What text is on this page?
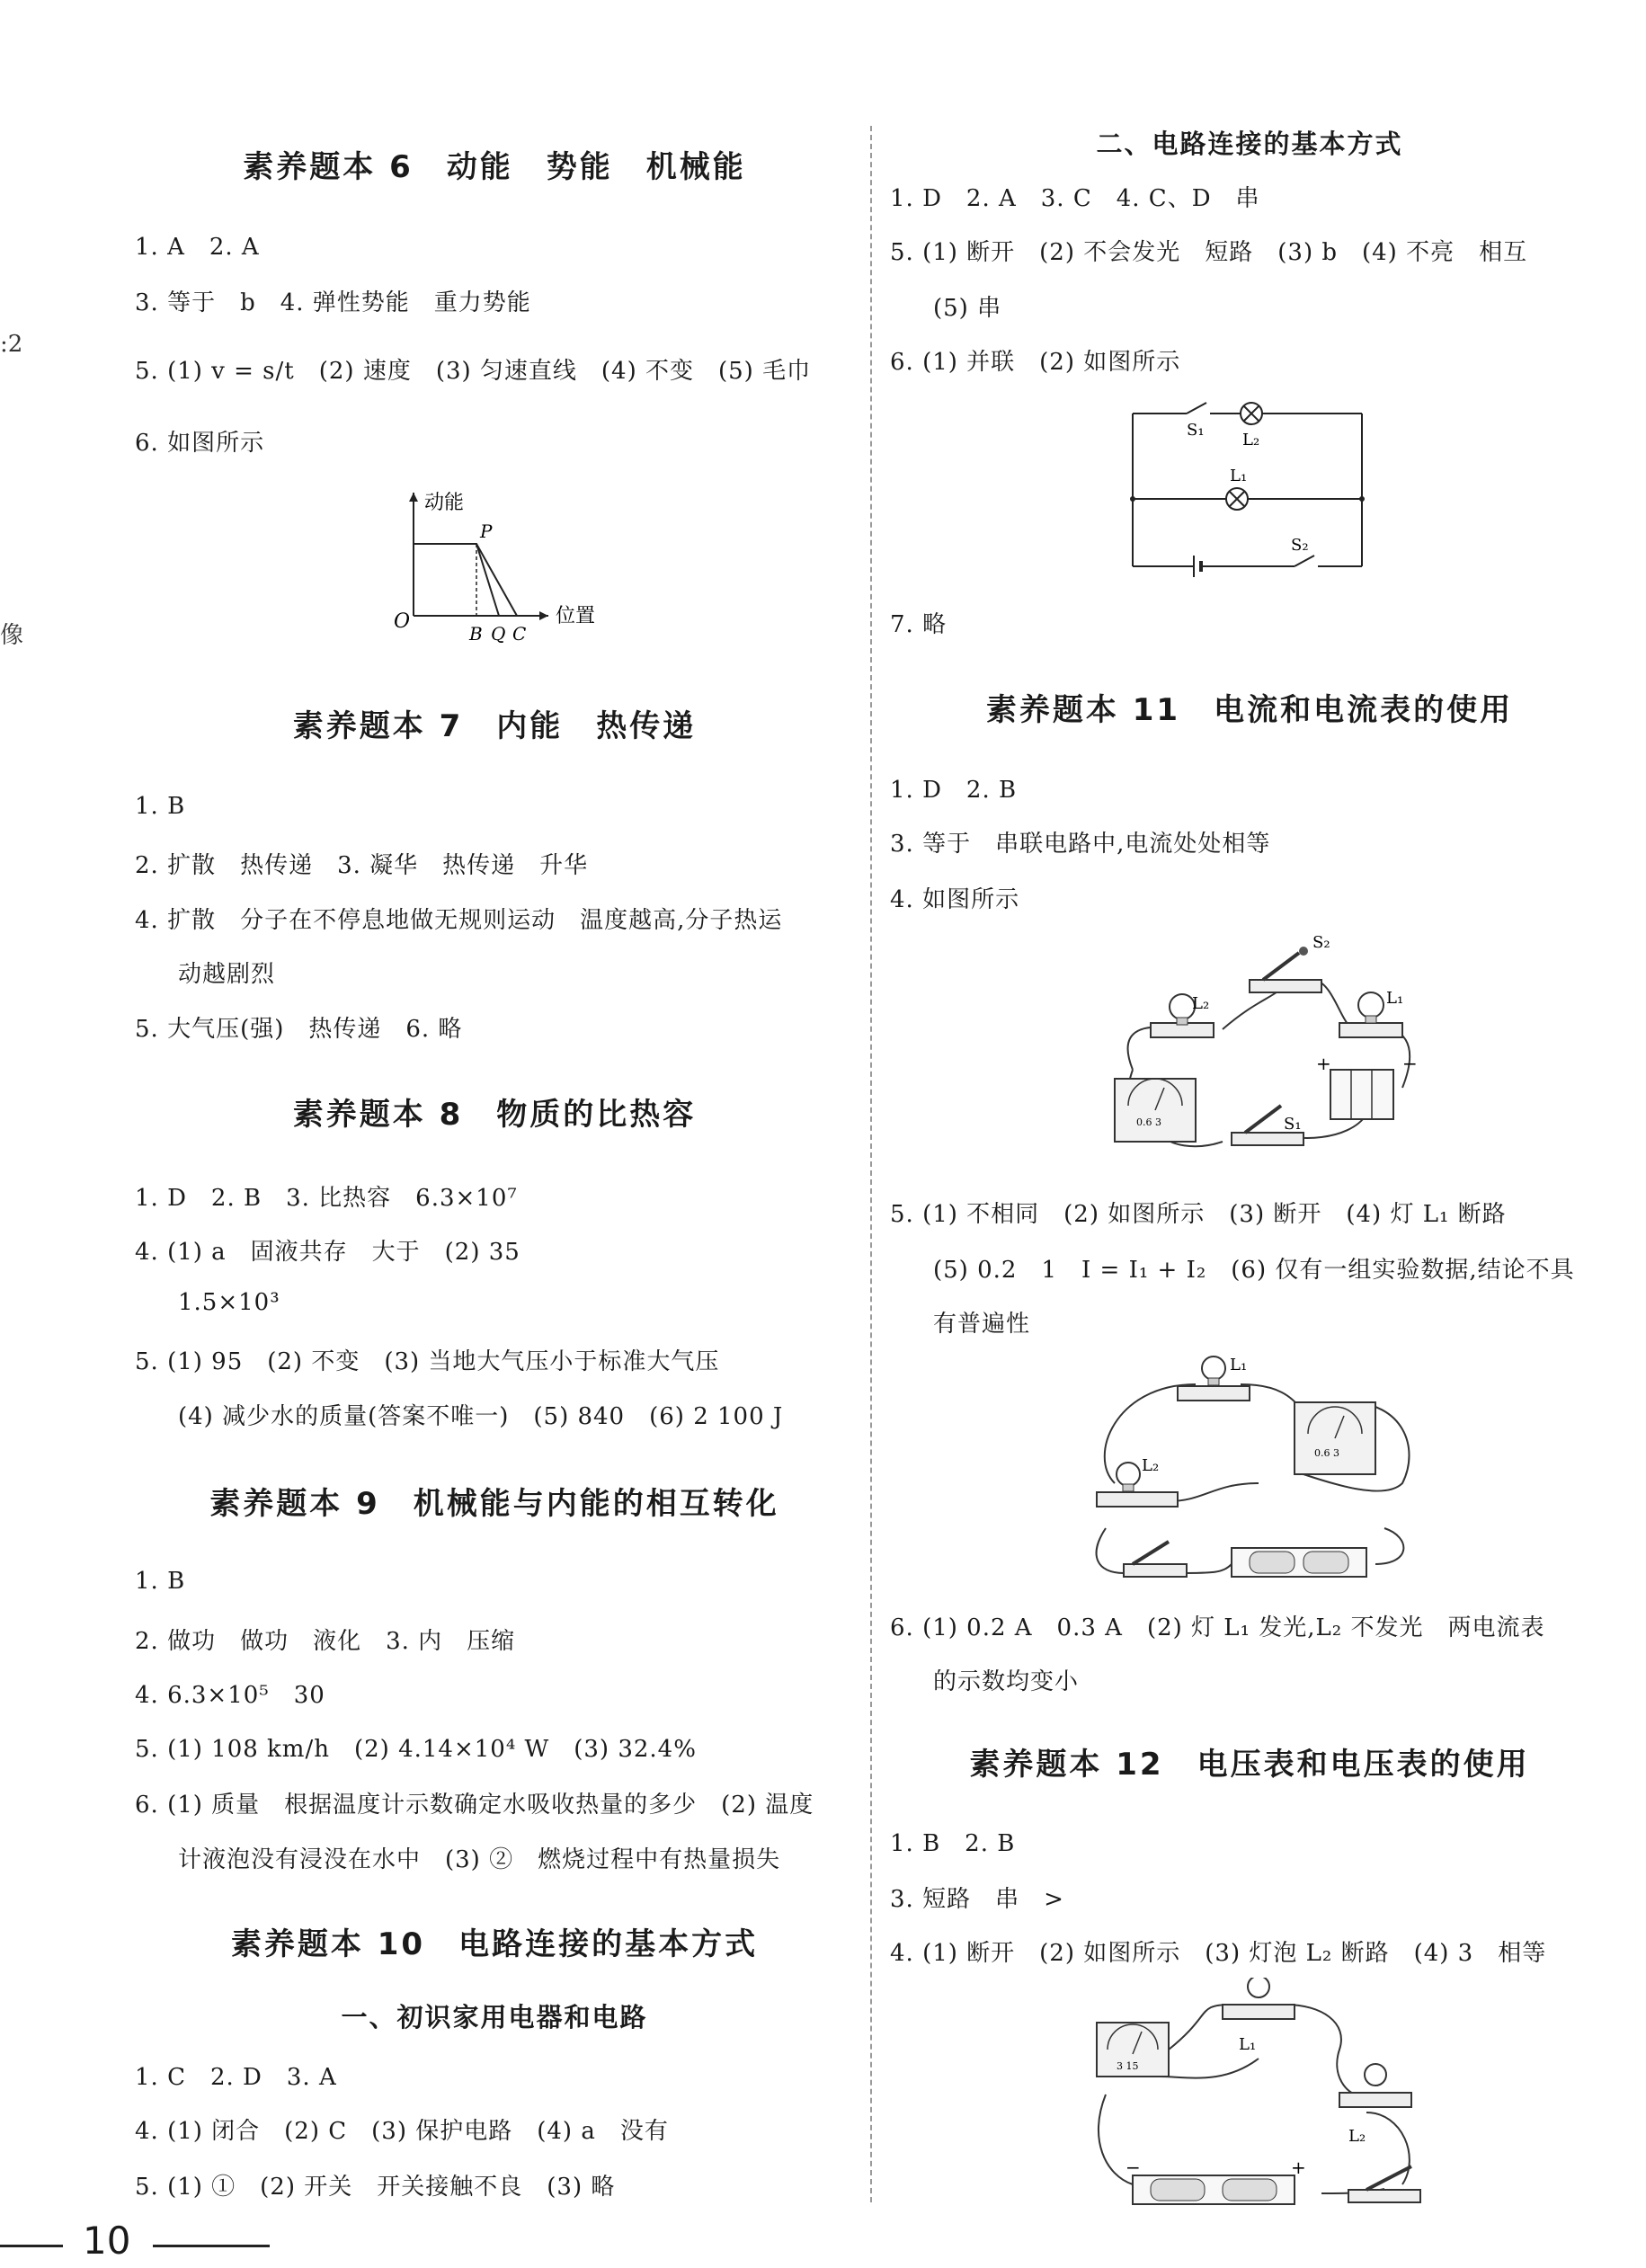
:2
像
素养题本 6　动能　势能　机械能
1. A　2. A
3. 等于　b　4. 弹性势能　重力势能
5. (1) v = s/t　(2) 速度　(3) 匀速直线　(4) 不变　(5) 毛巾
6. 如图所示
动能
位置
O
P
B Q C
素养题本 7　内能　热传递
1. B
2. 扩散　热传递　3. 凝华　热传递　升华
4. 扩散　分子在不停息地做无规则运动　温度越高,分子热运
动越剧烈
5. 大气压(强)　热传递　6. 略
素养题本 8　物质的比热容
1. D　2. B　3. 比热容　6.3×10⁷
4. (1) a　固液共存　大于　(2) 35
1.5×10³
5. (1) 95　(2) 不变　(3) 当地大气压小于标准大气压
(4) 减少水的质量(答案不唯一)　(5) 840　(6) 2 100 J
素养题本 9　机械能与内能的相互转化
1. B
2. 做功　做功　液化　3. 内　压缩
4. 6.3×10⁵　30
5. (1) 108 km/h　(2) 4.14×10⁴ W　(3) 32.4%
6. (1) 质量　根据温度计示数确定水吸收热量的多少　(2) 温度
计液泡没有浸没在水中　(3) ②　燃烧过程中有热量损失
素养题本 10　电路连接的基本方式
一、初识家用电器和电路
1. C　2. D　3. A
4. (1) 闭合　(2) C　(3) 保护电路　(4) a　没有
5. (1) ①　(2) 开关　开关接触不良　(3) 略
二、电路连接的基本方式
1. D　2. A　3. C　4. C、D　串
5. (1) 断开　(2) 不会发光　短路　(3) b　(4) 不亮　相互
(5) 串
6. (1) 并联　(2) 如图所示
S₁
L₂
L₁
S₂
7. 略
素养题本 11　电流和电流表的使用
1. D　2. B
3. 等于　串联电路中,电流处处相等
4. 如图所示
0.6 3
+	−
L₂	L₁
S₂
S₁
5. (1) 不相同　(2) 如图所示　(3) 断开　(4) 灯 L₁ 断路
(5) 0.2　1　I = I₁ + I₂　(6) 仅有一组实验数据,结论不具
有普遍性
0.6 3
L₁
L₂
6. (1) 0.2 A　0.3 A　(2) 灯 L₁ 发光,L₂ 不发光　两电流表
的示数均变小
素养题本 12　电压表和电压表的使用
1. B　2. B
3. 短路　串　>
4. (1) 断开　(2) 如图所示　(3) 灯泡 L₂ 断路　(4) 3　相等
3 15
−	+
L₁
L₂
10
